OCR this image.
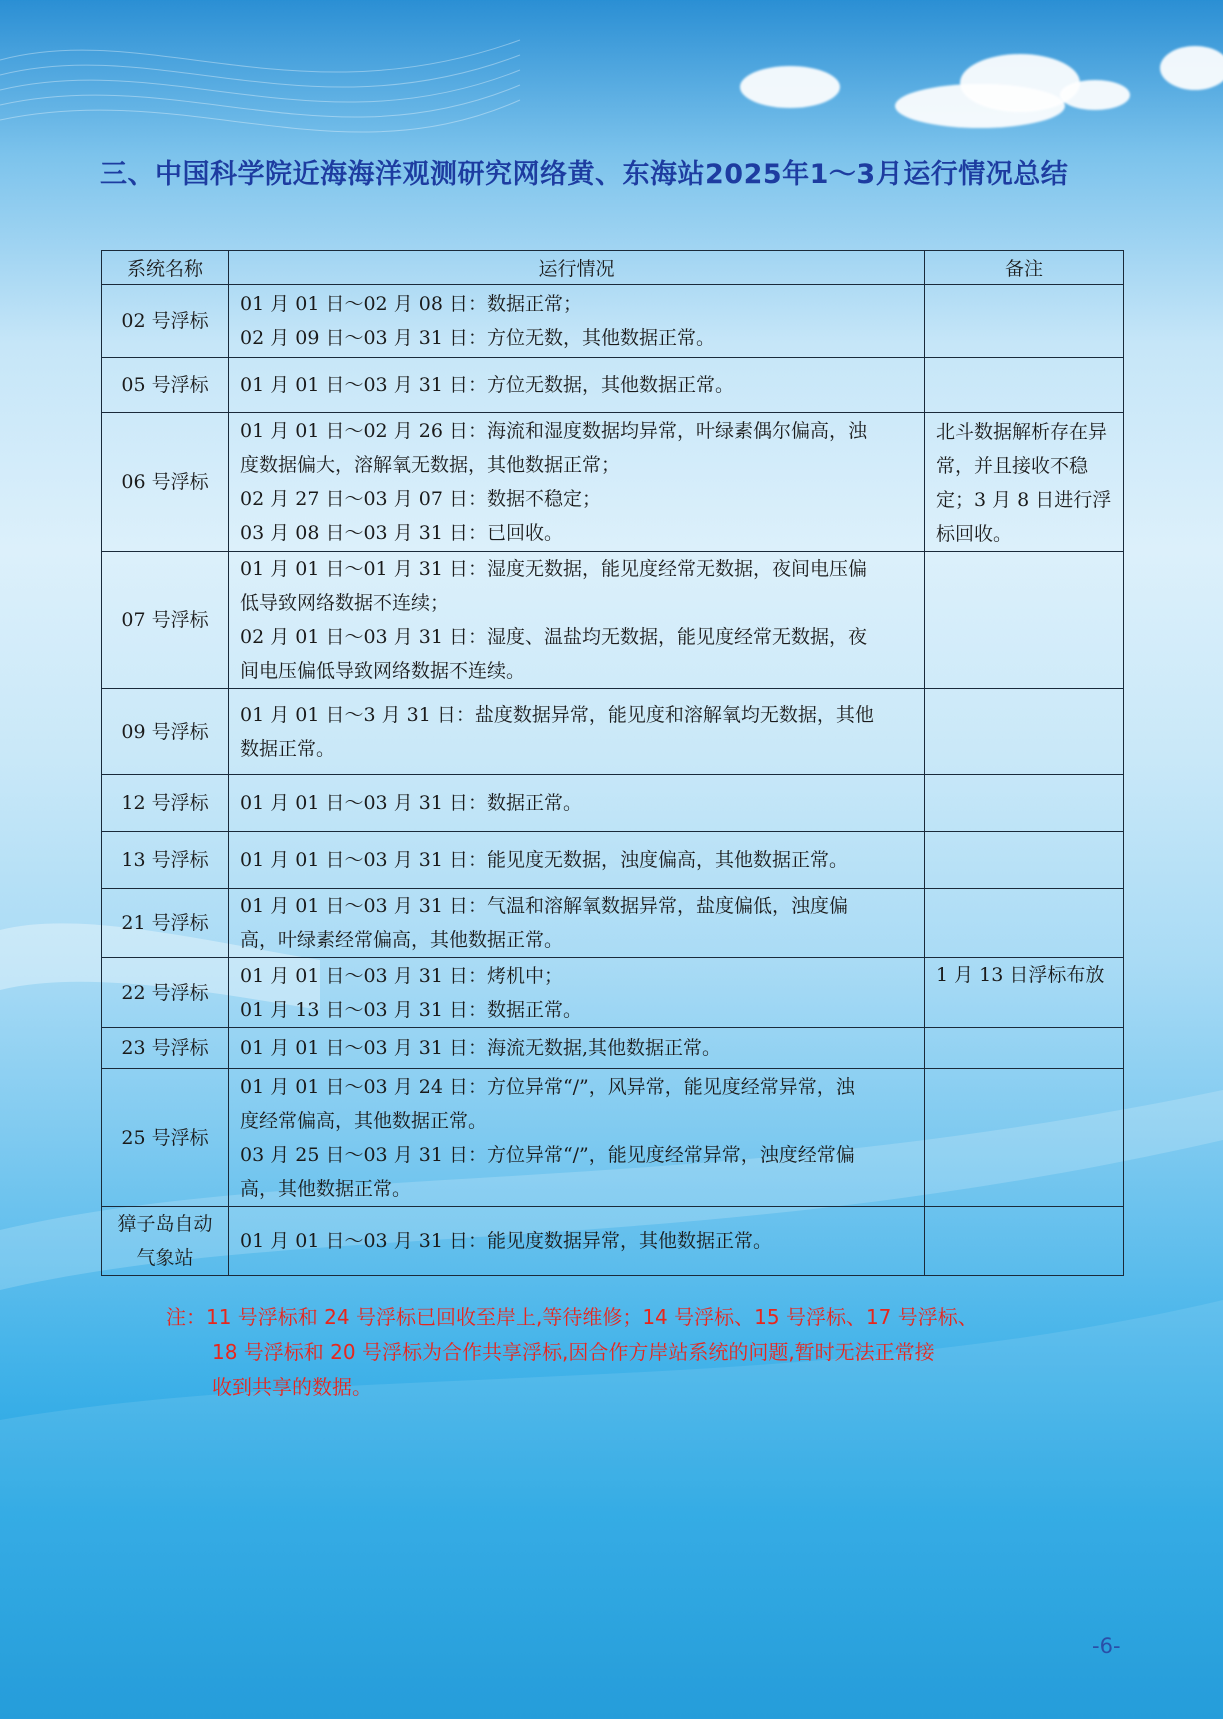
三、中国科学院近海海洋观测研究网络黄、东海站2025年1～3月运行情况总结
系统名称	运行情况	备注
02 号浮标	01 月 01 日～02 月 08 日：数据正常；
02 月 09 日～03 月 31 日：方位无数，其他数据正常。	

05 号浮标	01 月 01 日～03 月 31 日：方位无数据，其他数据正常。	

06 号浮标	01 月 01 日～02 月 26 日：海流和湿度数据均异常，叶绿素偶尔偏高，浊
度数据偏大，溶解氧无数据，其他数据正常；
02 月 27 日～03 月 07 日：数据不稳定；
03 月 08 日～03 月 31 日：已回收。	北斗数据解析存在异常，并且接收不稳定；3 月 8 日进行浮标回收。
07 号浮标	01 月 01 日～01 月 31 日：湿度无数据，能见度经常无数据，夜间电压偏
低导致网络数据不连续；
02 月 01 日～03 月 31 日：湿度、温盐均无数据，能见度经常无数据，夜
间电压偏低导致网络数据不连续。	

09 号浮标	01 月 01 日～3 月 31 日：盐度数据异常，能见度和溶解氧均无数据，其他
数据正常。	

12 号浮标	01 月 01 日～03 月 31 日：数据正常。	

13 号浮标	01 月 01 日～03 月 31 日：能见度无数据，浊度偏高，其他数据正常。	

21 号浮标	01 月 01 日～03 月 31 日：气温和溶解氧数据异常，盐度偏低，浊度偏
高，叶绿素经常偏高，其他数据正常。	

22 号浮标	01 月 01 日～03 月 31 日：烤机中；
01 月 13 日～03 月 31 日：数据正常。	1 月 13 日浮标布放
23 号浮标	01 月 01 日～03 月 31 日：海流无数据,其他数据正常。	

25 号浮标	01 月 01 日～03 月 24 日：方位异常“/”，风异常，能见度经常异常，浊
度经常偏高，其他数据正常。
03 月 25 日～03 月 31 日：方位异常“/”，能见度经常异常，浊度经常偏
高，其他数据正常。	

獐子岛自动气象站	01 月 01 日～03 月 31 日：能见度数据异常，其他数据正常。	

注：11 号浮标和 24 号浮标已回收至岸上,等待维修；14 号浮标、15 号浮标、17 号浮标、
18 号浮标和 20 号浮标为合作共享浮标,因合作方岸站系统的问题,暂时无法正常接
收到共享的数据。
-6-
